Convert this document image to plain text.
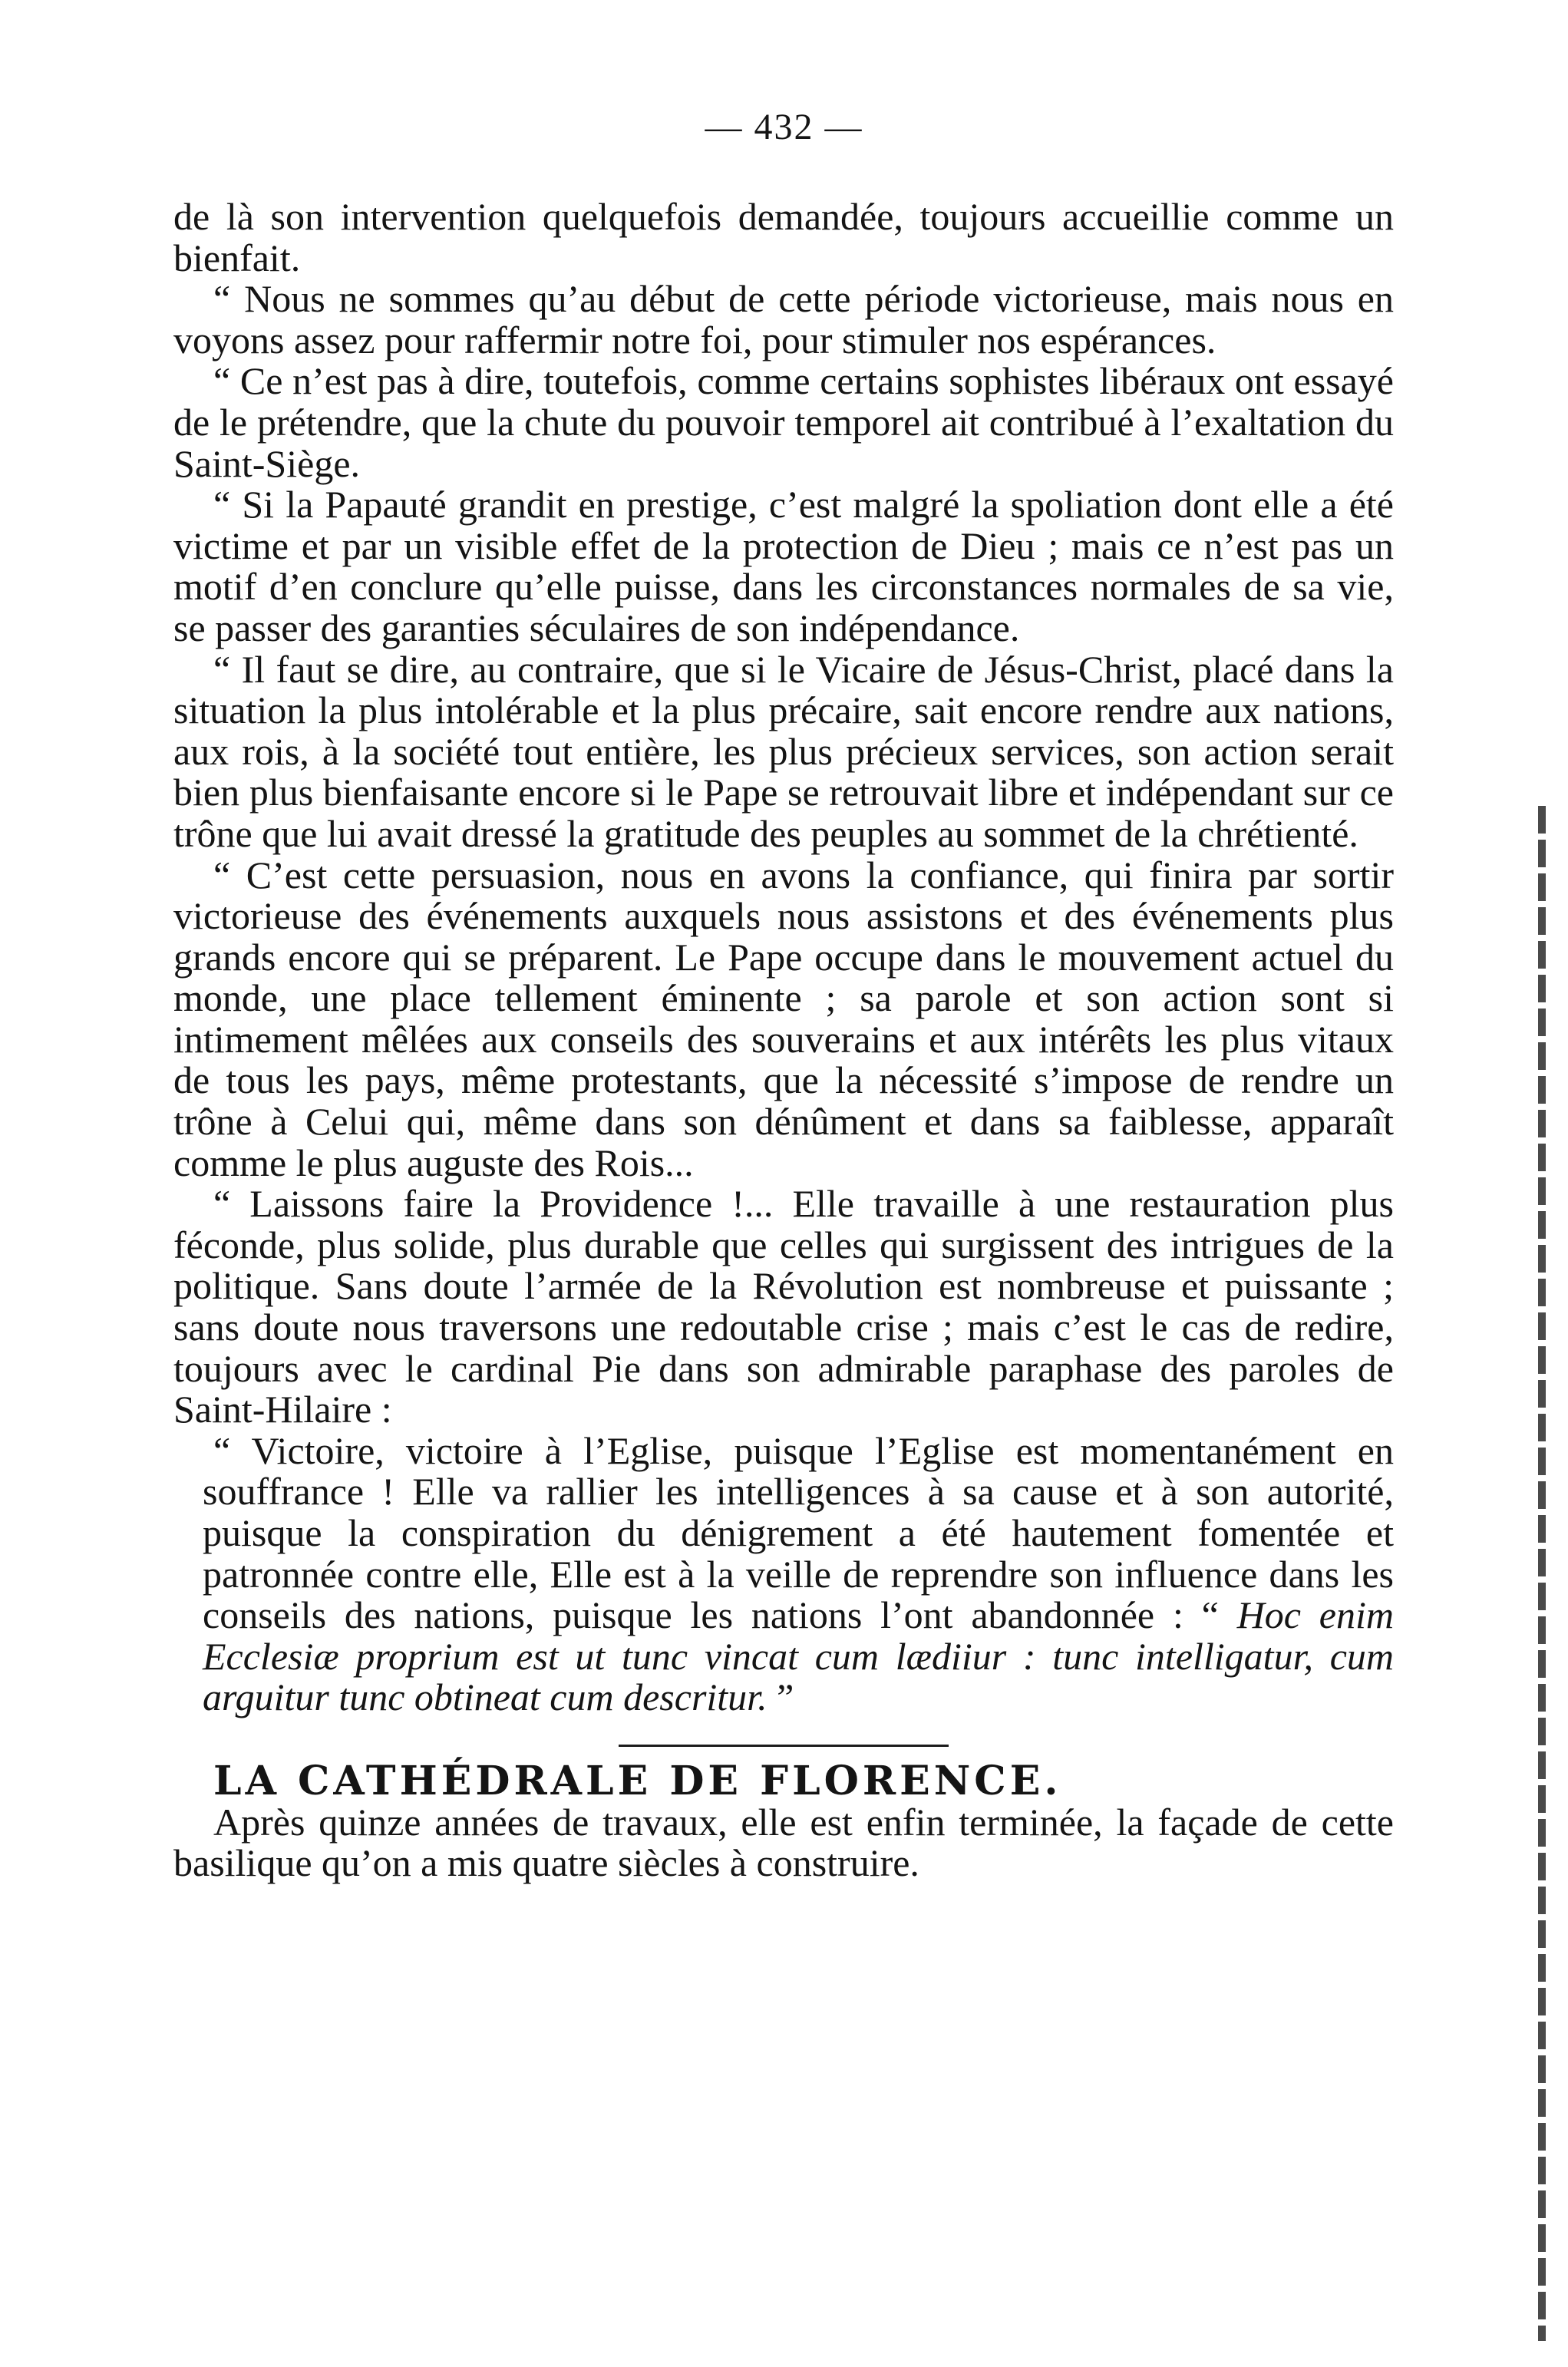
— 432 —

de là son intervention quelquefois demandée, toujours accueillie comme un bienfait.

“ Nous ne sommes qu’au début de cette période victorieuse, mais nous en voyons assez pour raffermir notre foi, pour stimuler nos espérances.

“ Ce n’est pas à dire, toutefois, comme certains sophistes libéraux ont essayé de le prétendre, que la chute du pouvoir temporel ait contribué à l’exaltation du Saint-Siège.

“ Si la Papauté grandit en prestige, c’est malgré la spoliation dont elle a été victime et par un visible effet de la protection de Dieu ; mais ce n’est pas un motif d’en conclure qu’elle puisse, dans les circonstances normales de sa vie, se passer des garanties séculaires de son indépendance.

“ Il faut se dire, au contraire, que si le Vicaire de Jésus-Christ, placé dans la situation la plus intolérable et la plus précaire, sait encore rendre aux nations, aux rois, à la société tout entière, les plus précieux services, son action serait bien plus bienfaisante encore si le Pape se retrouvait libre et indépendant sur ce trône que lui avait dressé la gratitude des peuples au sommet de la chrétienté.

“ C’est cette persuasion, nous en avons la confiance, qui finira par sortir victorieuse des événements auxquels nous assistons et des événements plus grands encore qui se préparent. Le Pape occupe dans le mouvement actuel du monde, une place tellement éminente ; sa parole et son action sont si intimement mêlées aux conseils des souverains et aux intérêts les plus vitaux de tous les pays, même protestants, que la nécessité s’impose de rendre un trône à Celui qui, même dans son dénûment et dans sa faiblesse, apparaît comme le plus auguste des Rois...

“ Laissons faire la Providence !... Elle travaille à une restauration plus féconde, plus solide, plus durable que celles qui surgissent des intrigues de la politique. Sans doute l’armée de la Révolution est nombreuse et puissante ; sans doute nous traversons une redoutable crise ; mais c’est le cas de redire, toujours avec le cardinal Pie dans son admirable paraphase des paroles de Saint-Hilaire :

“ Victoire, victoire à l’Eglise, puisque l’Eglise est momentanément en souffrance ! Elle va rallier les intelligences à sa cause et à son autorité, puisque la conspiration du dénigrement a été hautement fomentée et patronnée contre elle, Elle est à la veille de reprendre son influence dans les conseils des nations, puisque les nations l’ont abandonnée : “ Hoc enim Ecclesiæ proprium est ut tunc vincat cum lædiiur : tunc intelligatur, cum arguitur tunc obtineat cum descritur. ”

LA CATHÉDRALE DE FLORENCE.

Après quinze années de travaux, elle est enfin terminée, la façade de cette basilique qu’on a mis quatre siècles à construire.
